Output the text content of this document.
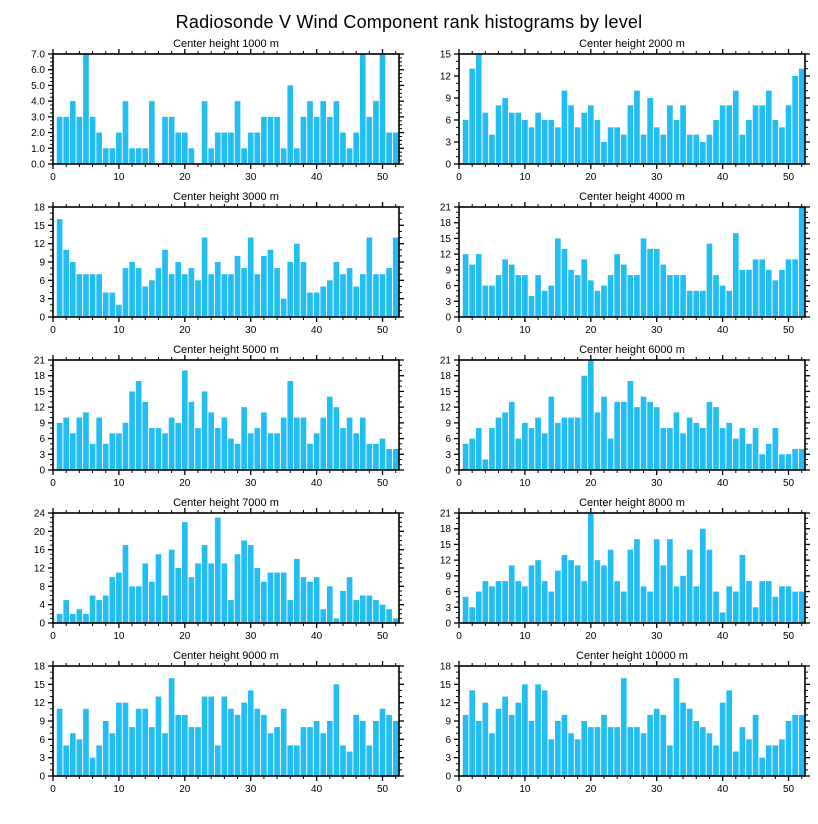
Radiosonde V Wind Component rank histograms by level
Center height 1000 m
0	10	20	30	40	50
0.0
1.0
2.0
3.0
4.0
5.0
6.0
7.0
Center height 2000 m
0	10	20	30	40	50
0
3
6
9
12
15
Center height 3000 m
0	10	20	30	40	50
0
3
6
9
12
15
18
Center height 4000 m
0	10	20	30	40	50
0
3
6
9
12
15
18
21
Center height 5000 m
0	10	20	30	40	50
0
3
6
9
12
15
18
21
Center height 6000 m
0	10	20	30	40	50
0
3
6
9
12
15
18
21
Center height 7000 m
0	10	20	30	40	50
0
4
8
12
16
20
24
Center height 8000 m
0	10	20	30	40	50
0
3
6
9
12
15
18
21
Center height 9000 m
0	10	20	30	40	50
0
3
6
9
12
15
18
Center height 10000 m
0	10	20	30	40	50
0
3
6
9
12
15
18
